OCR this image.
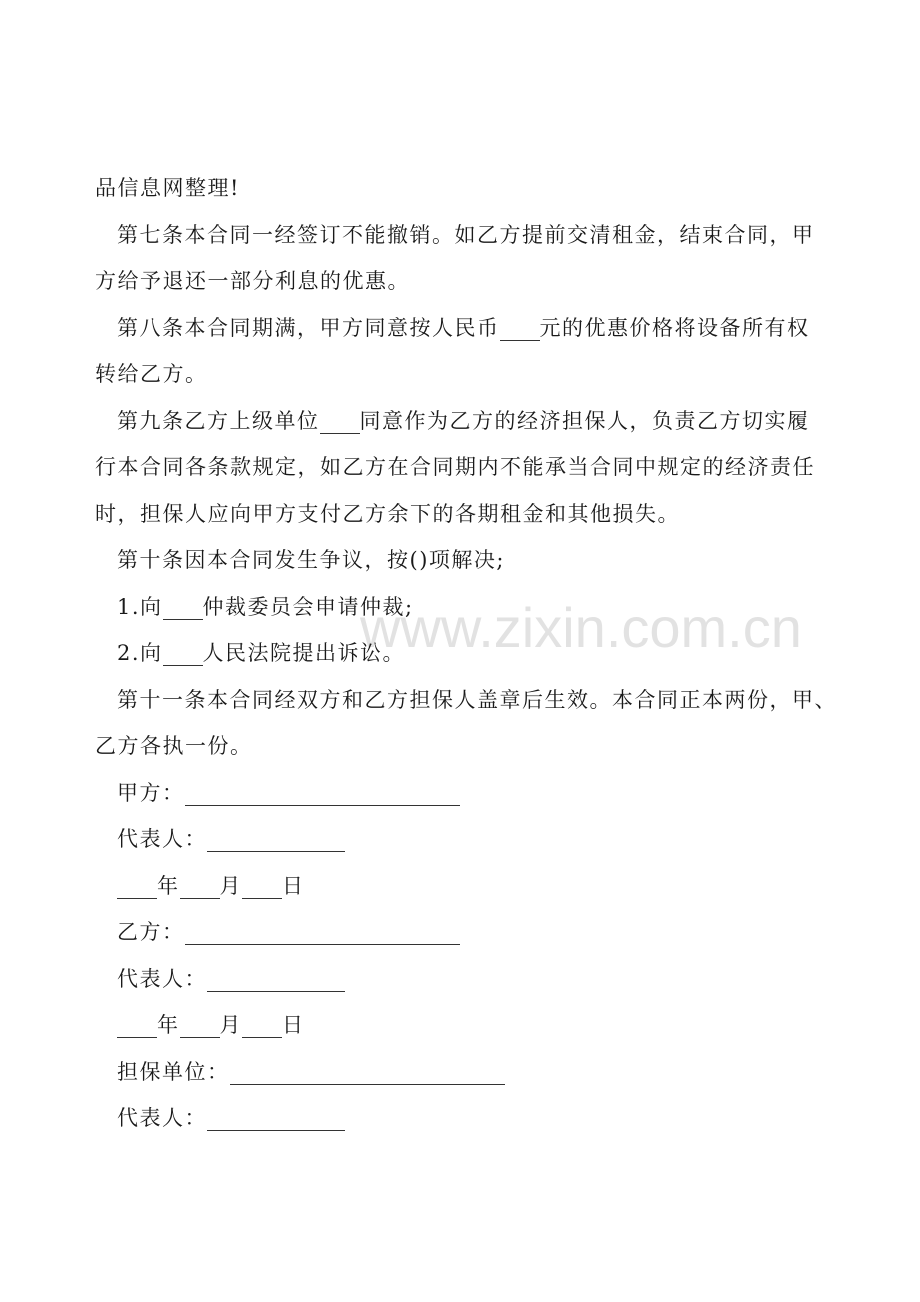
www.zixin.com.cn
品信息网整理!
第七条本合同一经签订不能撤销。如乙方提前交清租金，结束合同，甲
方给予退还一部分利息的优惠。
第八条本合同期满，甲方同意按人民币 元的优惠价格将设备所有权
转给乙方。
第九条乙方上级单位 同意作为乙方的经济担保人，负责乙方切实履
行本合同各条款规定，如乙方在合同期内不能承当合同中规定的经济责任
时，担保人应向甲方支付乙方余下的各期租金和其他损失。
第十条因本合同发生争议，按()项解决;
1.向 仲裁委员会申请仲裁;
2.向 人民法院提出诉讼。
第十一条本合同经双方和乙方担保人盖章后生效。本合同正本两份，甲、
乙方各执一份。
甲方：
代表人：
年 月 日
乙方：
代表人：
年 月 日
担保单位：
代表人：
